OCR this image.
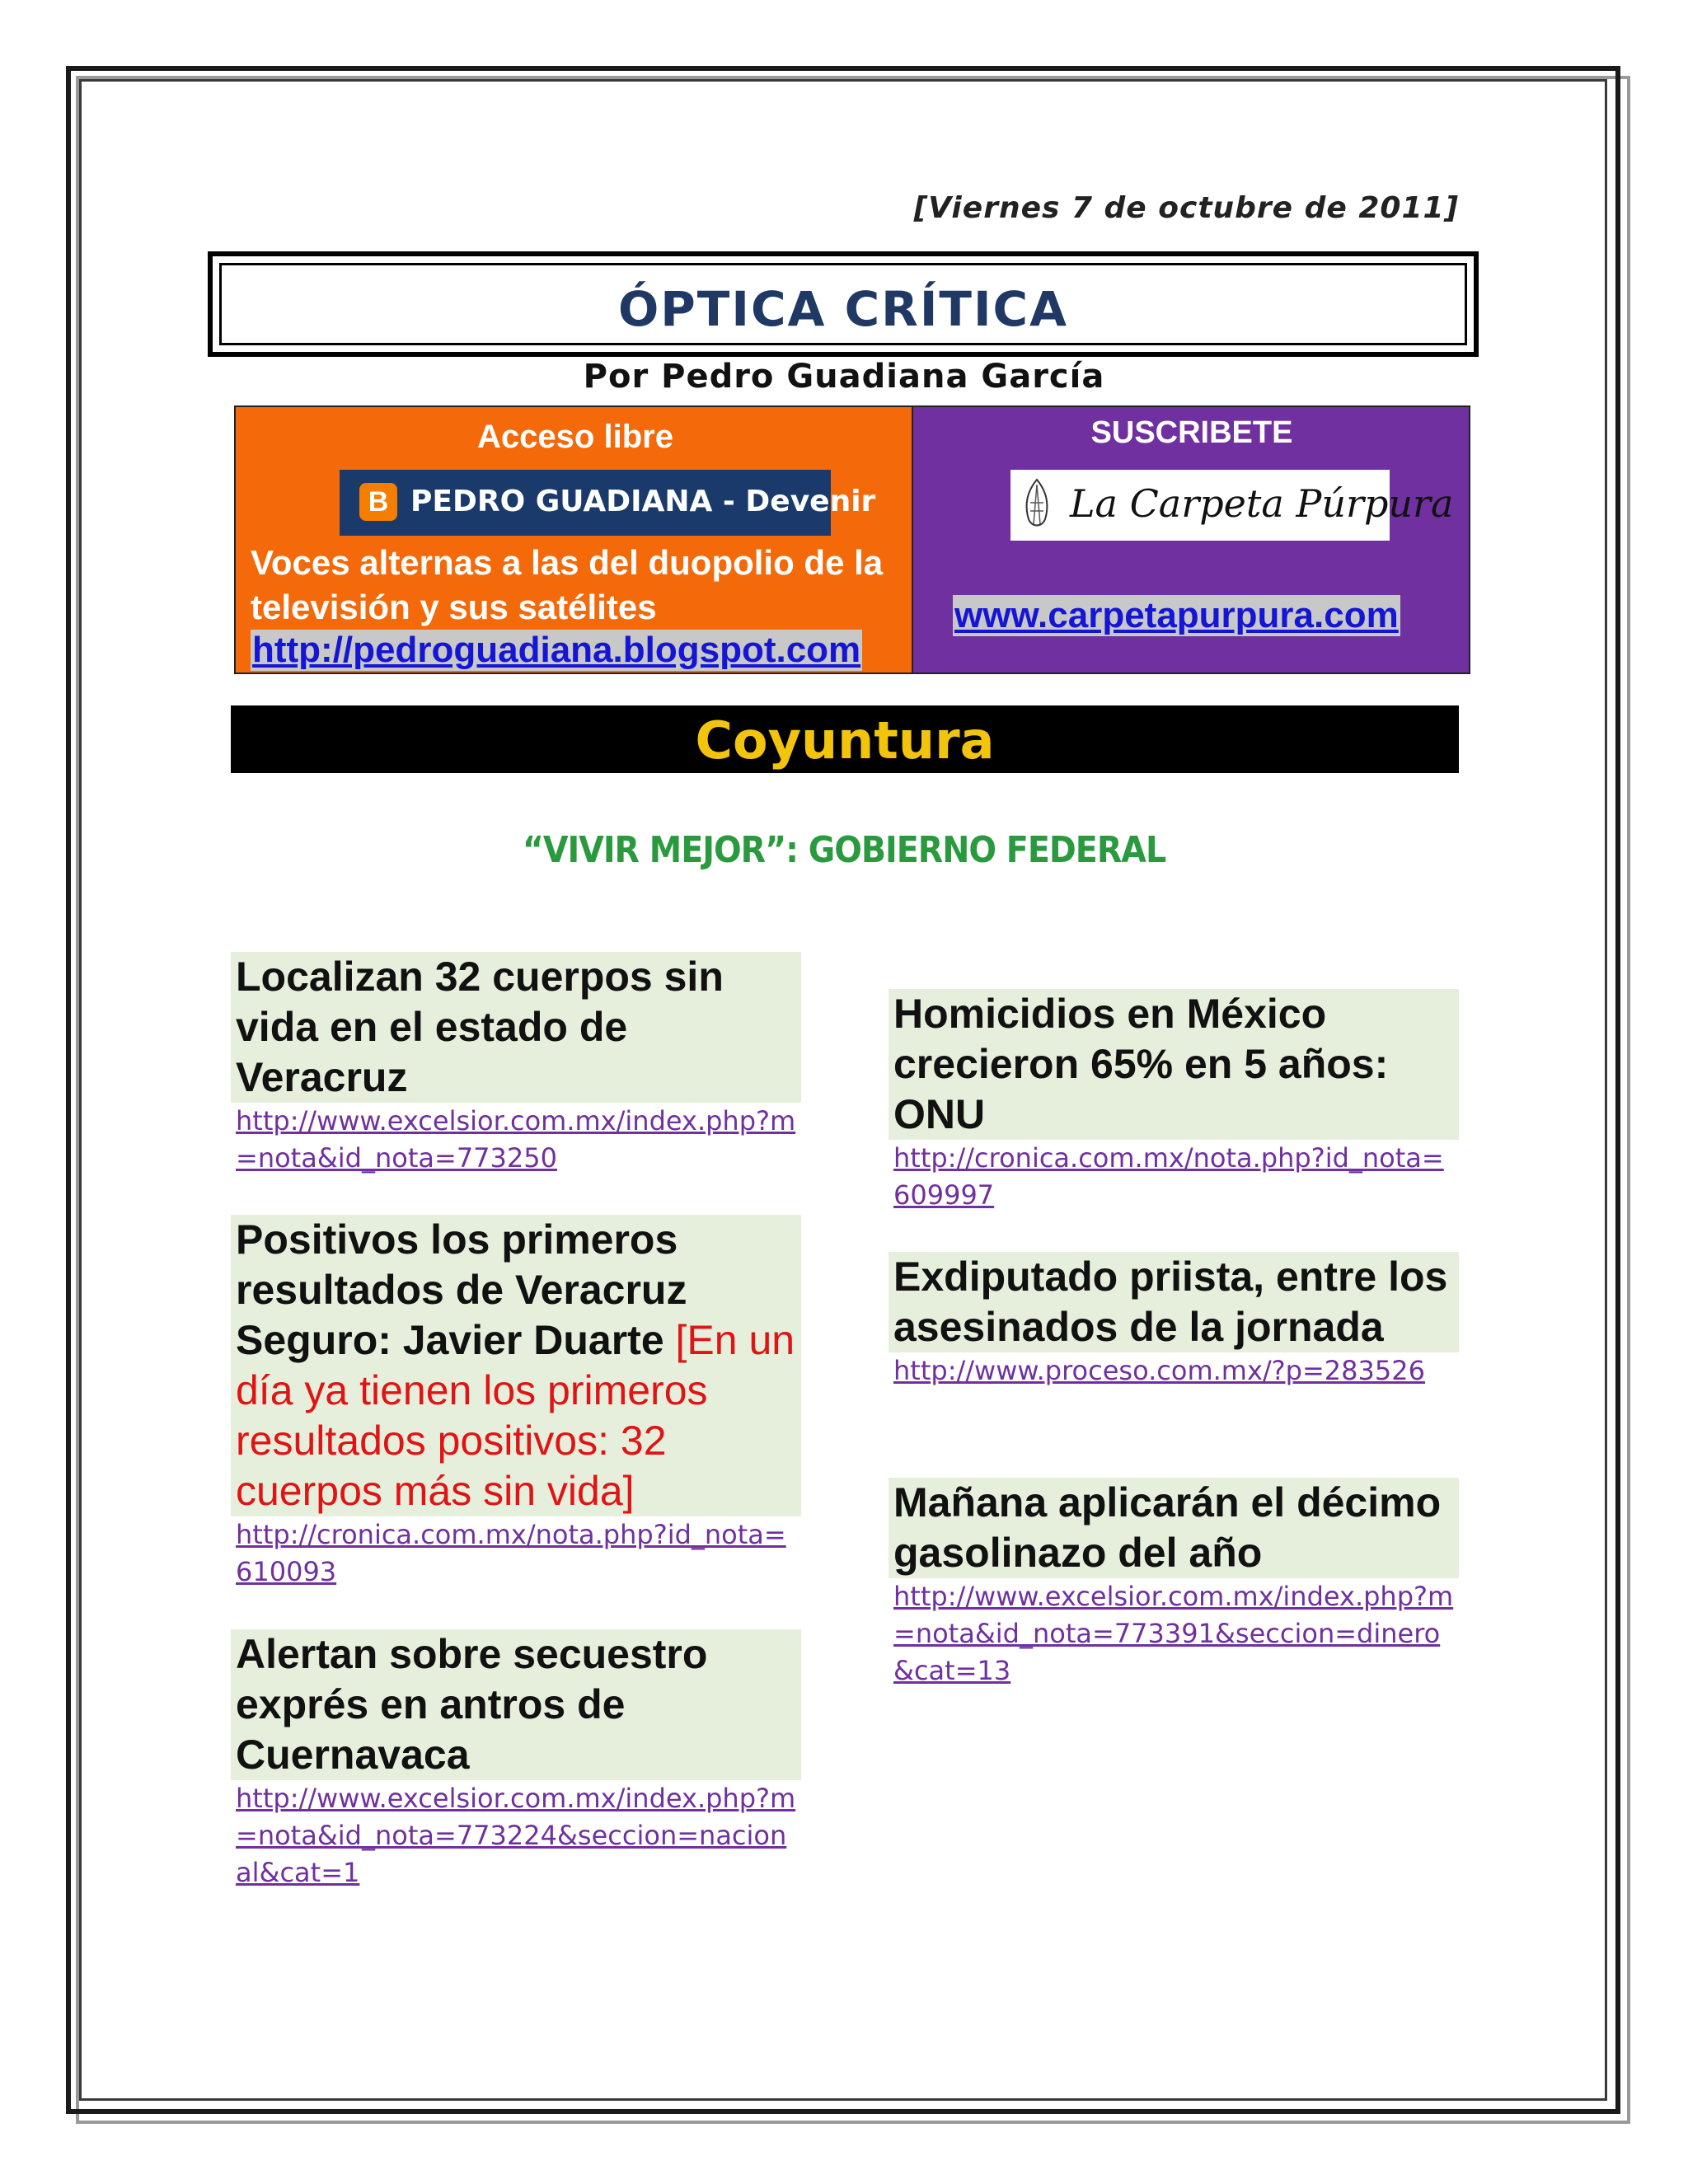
[Viernes 7 de octubre de 2011]
ÓPTICA CRÍTICA
Por Pedro Guadiana García
Acceso libre
B PEDRO GUADIANA - Devenir
Voces alternas a las del duopolio de la televisión y sus satélites
http://pedroguadiana.blogspot.com
SUSCRIBETE
La Carpeta Púrpura
www.carpetapurpura.com
Coyuntura
“VIVIR MEJOR”: GOBIERNO FEDERAL
Localizan 32 cuerpos sin vida en el estado de Veracruz
http://www.excelsior.com.mx/index.php?m=nota&id_nota=773250
Positivos los primeros resultados de Veracruz Seguro: Javier Duarte [En un día ya tienen los primeros resultados positivos: 32 cuerpos más sin vida]
http://cronica.com.mx/nota.php?id_nota=610093
Alertan sobre secuestro exprés en antros de Cuernavaca
http://www.excelsior.com.mx/index.php?m=nota&id_nota=773224&seccion=nacional&cat=1
Homicidios en México crecieron 65% en 5 años: ONU
http://cronica.com.mx/nota.php?id_nota=609997
Exdiputado priista, entre los asesinados de la jornada
http://www.proceso.com.mx/?p=283526
Mañana aplicarán el décimo gasolinazo del año
http://www.excelsior.com.mx/index.php?m=nota&id_nota=773391&seccion=dinero&cat=13
